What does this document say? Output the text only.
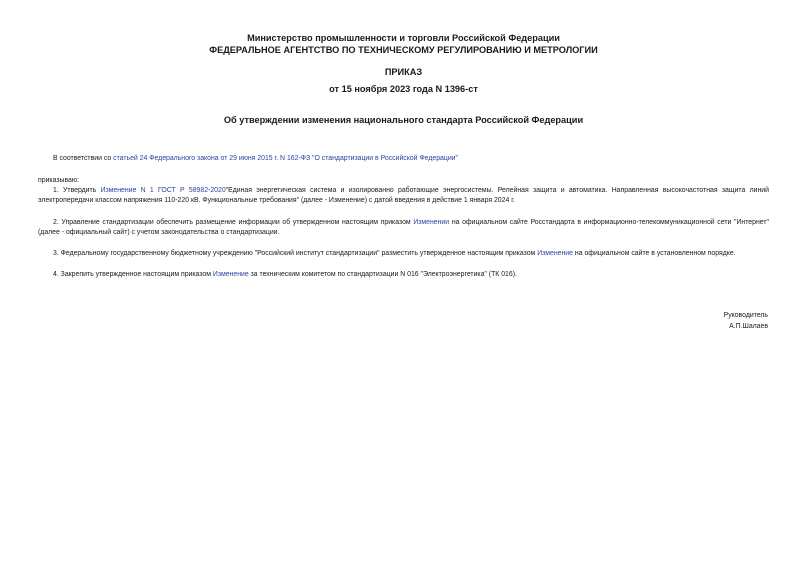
Министерство промышленности и торговли Российской Федерации
ФЕДЕРАЛЬНОЕ АГЕНТСТВО ПО ТЕХНИЧЕСКОМУ РЕГУЛИРОВАНИЮ И МЕТРОЛОГИИ
ПРИКАЗ
от 15 ноября 2023 года N 1396-ст
Об утверждении изменения национального стандарта Российской Федерации

В соответствии со статьей 24 Федерального закона от 29 июня 2015 г. N 162-ФЗ "О стандартизации в Российской Федерации"

приказываю:

1. Утвердить Изменение N 1 ГОСТ Р 58982-2020"Единая энергетическая система и изолированно работающие энергосистемы. Релейная защита и автоматика. Направленная высокочастотная защита линий электропередачи классом напряжения 110-220 кВ. Функциональные требования" (далее - Изменение) с датой введения в действие 1 января 2024 г.

2. Управление стандартизации обеспечить размещение информации об утвержденном настоящим приказом Изменении на официальном сайте Росстандарта в информационно-телекоммуникационной сети "Интернет" (далее - официальный сайт) с учетом законодательства о стандартизации.

3. Федеральному государственному бюджетному учреждению "Российский институт стандартизации" разместить утвержденное настоящим приказом Изменение на официальном сайте в установленном порядке.

4. Закрепить утвержденное настоящим приказом Изменение за техническим комитетом по стандартизации N 016 "Электроэнергетика" (ТК 016).

Руководитель
А.П.Шалаев
